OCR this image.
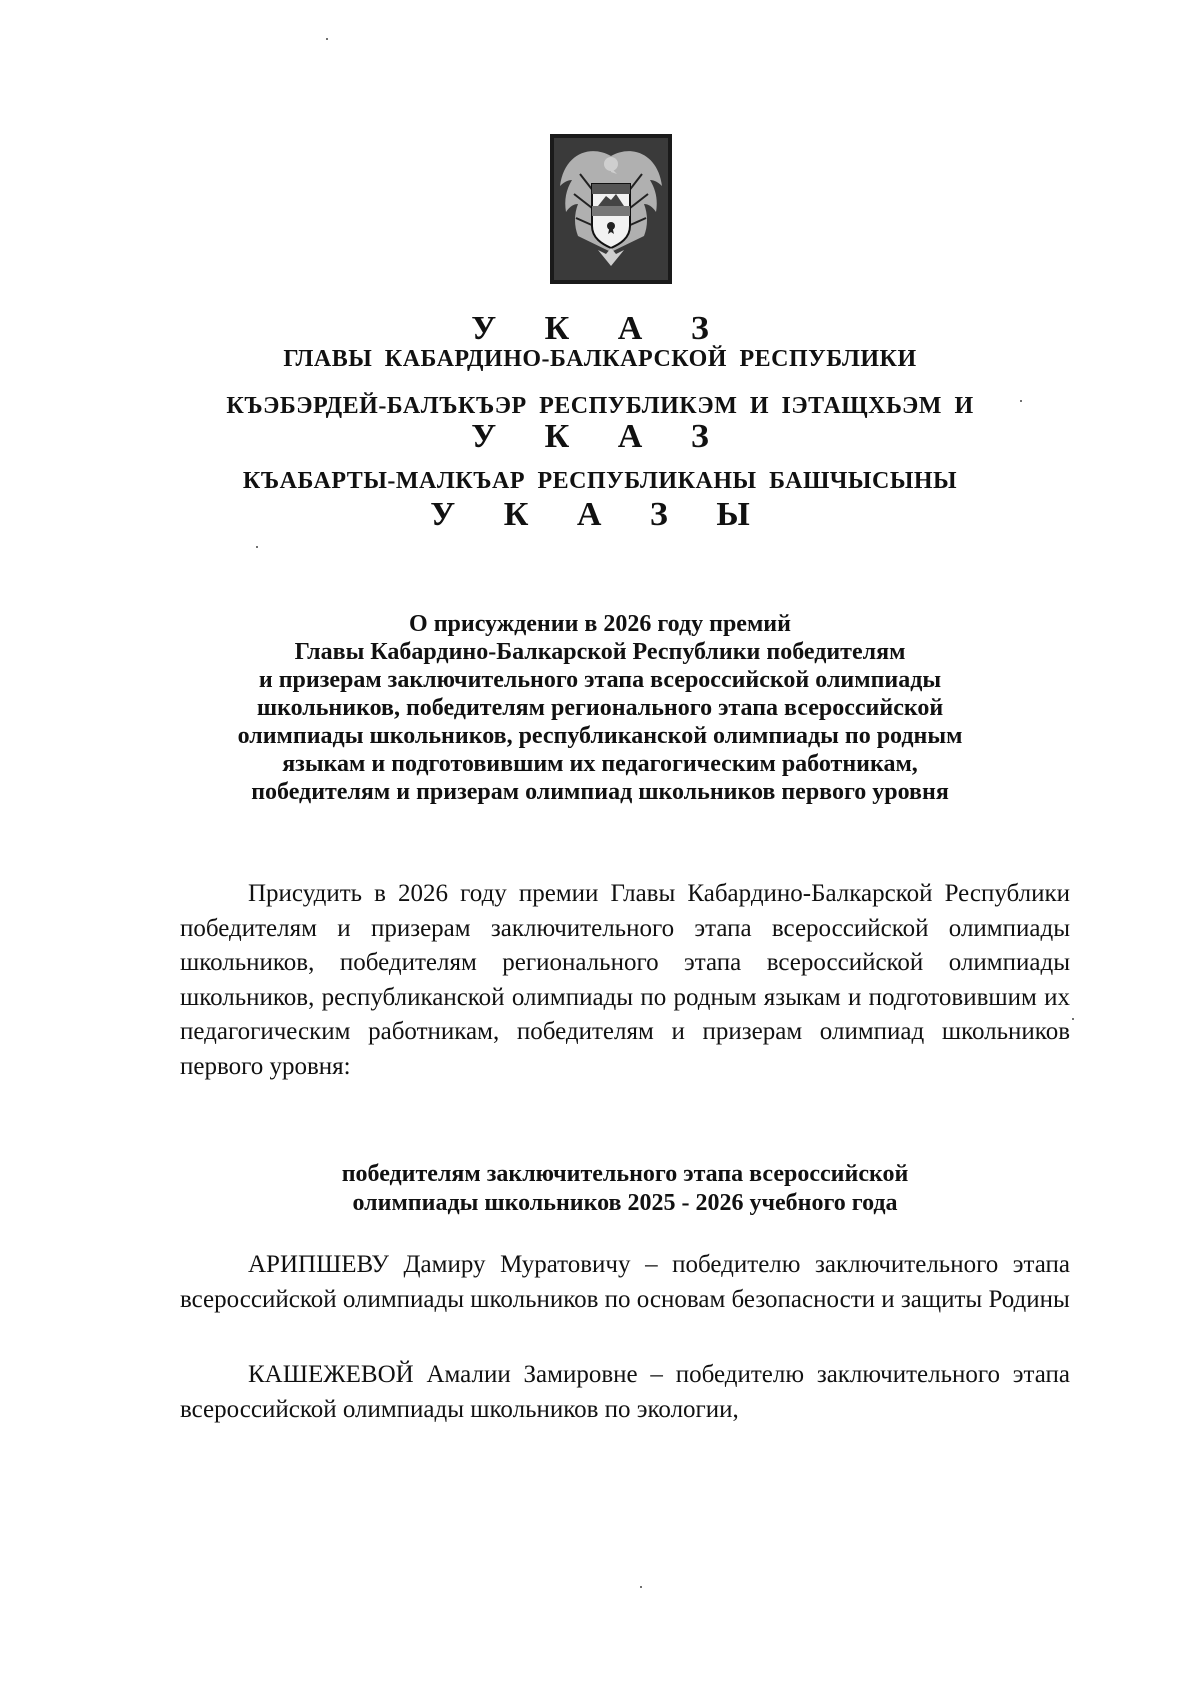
У К А З
ГЛАВЫ КАБАРДИНО-БАЛКАРСКОЙ РЕСПУБЛИКИ
КЪЭБЭРДЕЙ-БАЛЪКЪЭР РЕСПУБЛИКЭМ И IЭТАЩХЬЭМ И
У К А З
КЪАБАРТЫ-МАЛКЪАР РЕСПУБЛИКАНЫ БАШЧЫСЫНЫ
У К А З Ы
О присуждении в 2026 году премий
Главы Кабардино-Балкарской Республики победителям
и призерам заключительного этапа всероссийской олимпиады
школьников, победителям регионального этапа всероссийской
олимпиады школьников, республиканской олимпиады по родным
языкам и подготовившим их педагогическим работникам,
победителям и призерам олимпиад школьников первого уровня

Присудить в 2026 году премии Главы Кабардино-Балкарской Республики победителям и призерам заключительного этапа всероссийской олимпиады школьников, победителям регионального этапа всероссийской олимпиады школьников, республиканской олимпиады по родным языкам и подготовившим их педагогическим работникам, победителям и призерам олимпиад школьников первого уровня:

победителям заключительного этапа всероссийской
олимпиады школьников 2025 - 2026 учебного года

АРИПШЕВУ Дамиру Муратовичу – победителю заключительного этапа всероссийской олимпиады школьников по основам безопасности и защиты Родины

КАШЕЖЕВОЙ Амалии Замировне – победителю заключительного этапа всероссийской олимпиады школьников по экологии,
